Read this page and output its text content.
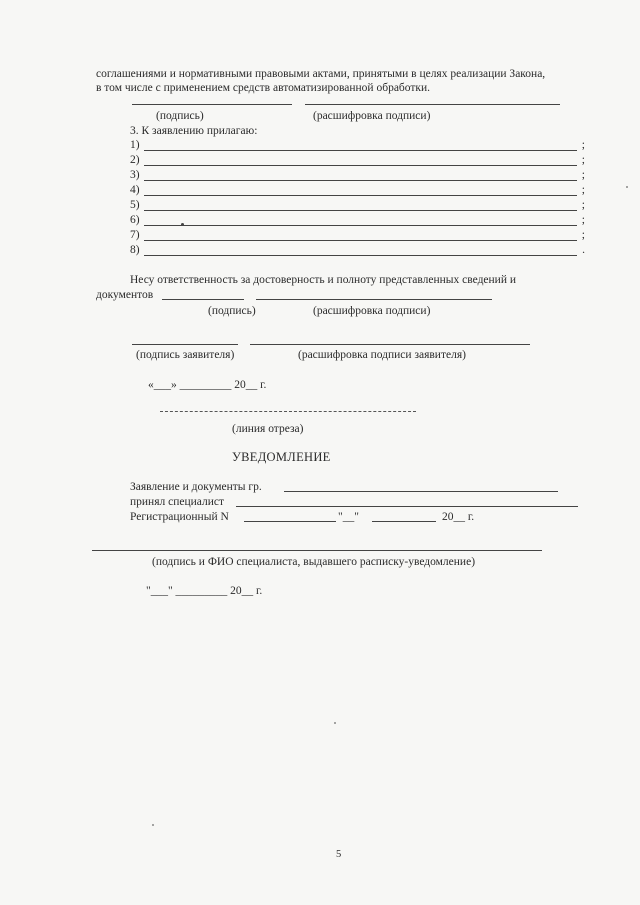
соглашениями и нормативными правовыми актами, принятыми в целях реализации Закона,
в том числе с применением средств автоматизированной обработки.
(подпись)	(расшифровка подписи)
3. К заявлению прилагаю:
1)	;
2)	;
3)	;
4)	;
5)	;
6)	;
7)	;
8)	.
Несу ответственность за достоверность и полноту представленных сведений и
документов
(подпись)	(расшифровка подписи)
(подпись заявителя)	(расшифровка подписи заявителя)
«___» _________ 20__ г.
(линия отреза)
УВЕДОМЛЕНИЕ
Заявление и документы гр.
принял специалист
Регистрационный N	"__"	20__ г.
(подпись и ФИО специалиста, выдавшего расписку-уведомление)
"___" _________ 20__ г.
5
